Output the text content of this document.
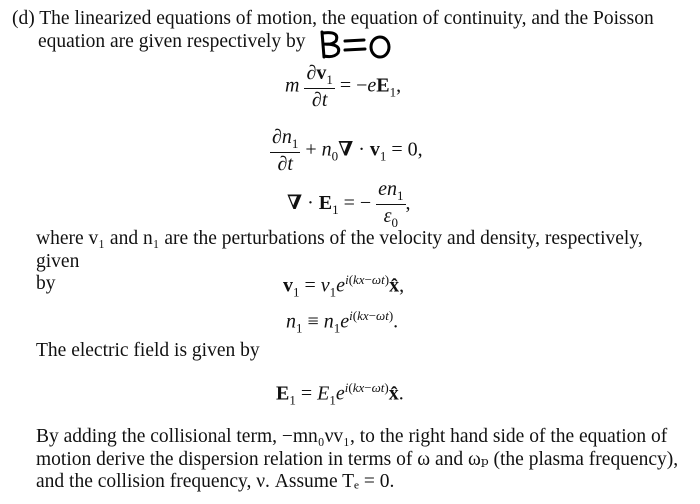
(d) The linearized equations of motion, the equation of continuity, and the Poisson
equation are given respectively by
m $\frac{\partial v_1}{\partial t} = -eE_1$,
$\frac{\partial n_1}{\partial t} + n_0\nabla \cdot v_1 = 0$,
∇ · $E_1$ = − $\frac{en_1}{\varepsilon_0}$ ,
where v₁ and n₁ are the perturbations of the velocity and density, respectively, given
by	$v_1$ = $v_1e^{i(kx-\omega t)}x̂$,
$n_1 \equiv n_1e^{i(kx-\omega t)}$.
The electric field is given by
$E_1$ = $E_1e^{i(kx-\omega t)}x̂$.
By adding the collisional term, −mn₀νv₁, to the right hand side of the equation of
motion derive the dispersion relation in terms of ω and ωₚ (the plasma frequency),
and the collision frequency, ν. Assume Tₑ = 0.
